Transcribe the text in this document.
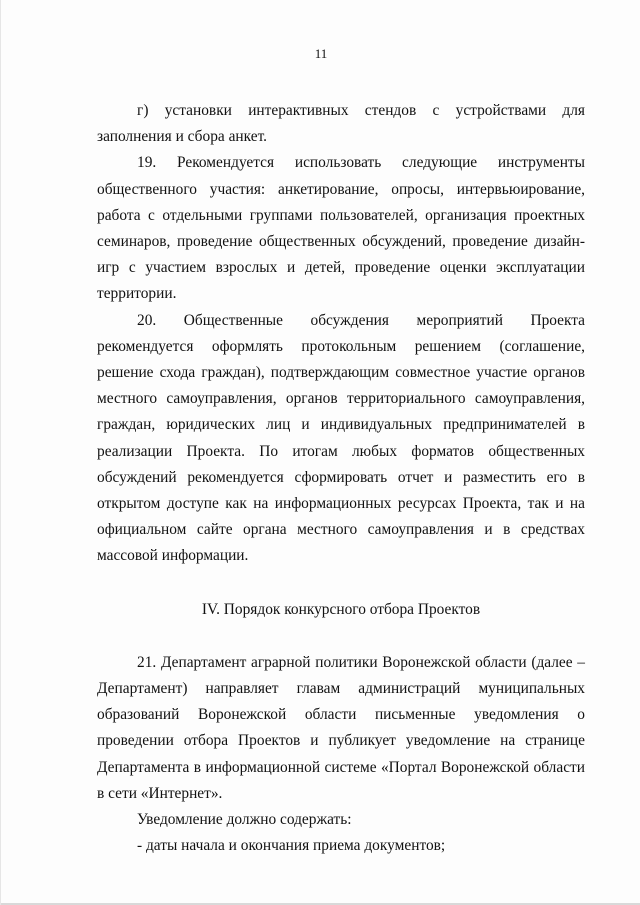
11

г) установки интерактивных стендов с устройствами для заполнения и сбора анкет.

19. Рекомендуется использовать следующие инструменты общественного участия: анкетирование, опросы, интервьюирование, работа с отдельными группами пользователей, организация проектных семинаров, проведение общественных обсуждений, проведение дизайн-игр с участием взрослых и детей, проведение оценки эксплуатации территории.

20. Общественные обсуждения мероприятий Проекта рекомендуется оформлять протокольным решением (соглашение, решение схода граждан), подтверждающим совместное участие органов местного самоуправления, органов территориального самоуправления, граждан, юридических лиц и индивидуальных предпринимателей в реализации Проекта. По итогам любых форматов общественных обсуждений рекомендуется сформировать отчет и разместить его в открытом доступе как на информационных ресурсах Проекта, так и на официальном сайте органа местного самоуправления и в средствах массовой информации.

IV. Порядок конкурсного отбора Проектов

21. Департамент аграрной политики Воронежской области (далее – Департамент) направляет главам администраций муниципальных образований Воронежской области письменные уведомления о проведении отбора Проектов и публикует уведомление на странице Департамента в информационной системе «Портал Воронежской области в сети «Интернет».

Уведомление должно содержать:

- даты начала и окончания приема документов;
